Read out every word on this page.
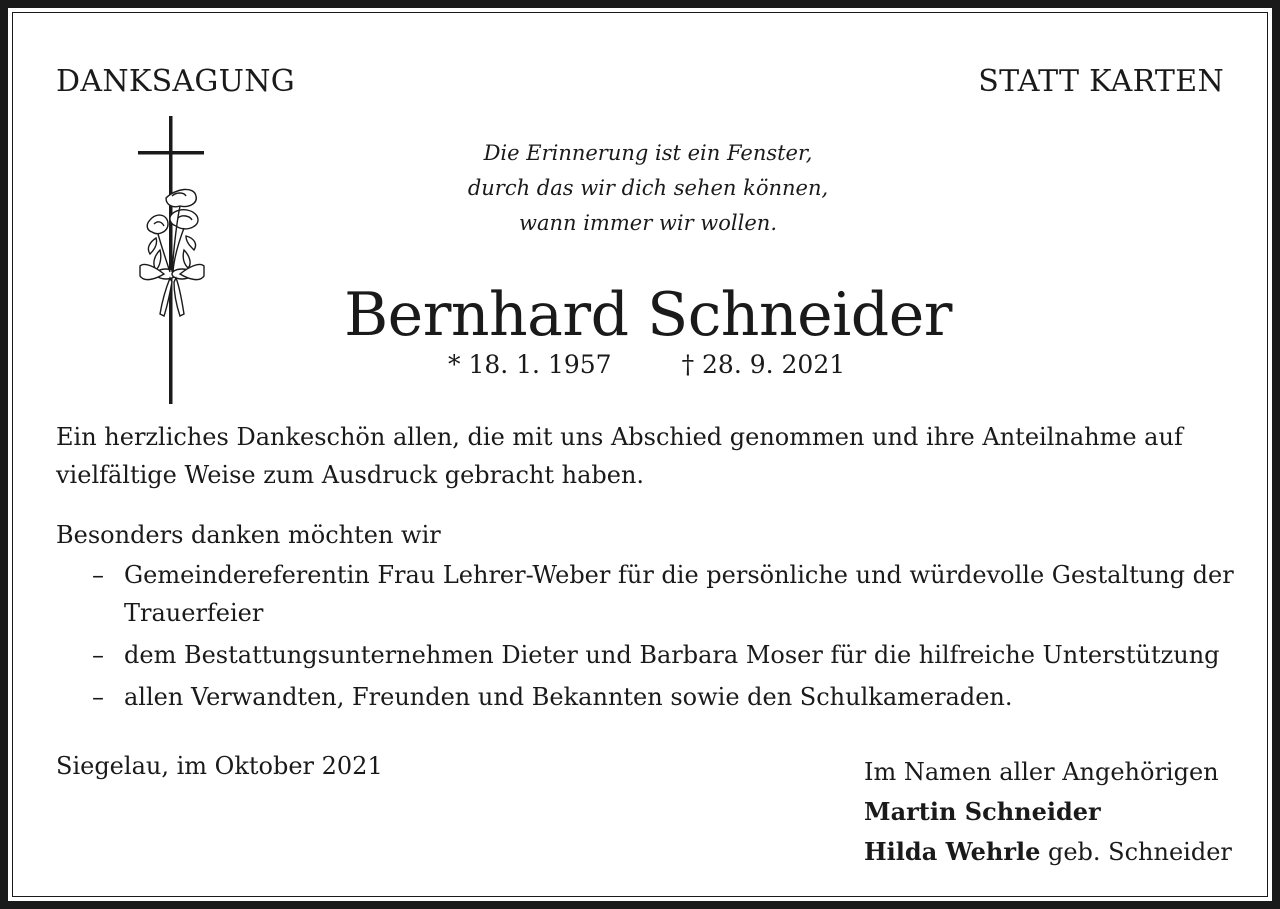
DANKSAGUNG	STATT KARTEN
Die Erinnerung ist ein Fenster,
durch das wir dich sehen können,
wann immer wir wollen.
Bernhard Schneider
* 18. 1. 1957	† 28. 9. 2021
Ein herzliches Dankeschön allen, die mit uns Abschied genommen und ihre Anteilnahme auf vielfältige Weise zum Ausdruck gebracht haben.
Besonders danken möchten wir
– Gemeindereferentin Frau Lehrer-Weber für die persönliche und würdevolle Gestaltung der Trauerfeier
– dem Bestattungsunternehmen Dieter und Barbara Moser für die hilfreiche Unterstützung
– allen Verwandten, Freunden und Bekannten sowie den Schulkameraden.
Siegelau, im Oktober 2021	Im Namen aller Angehörigen
Martin Schneider
Hilda Wehrle geb. Schneider
